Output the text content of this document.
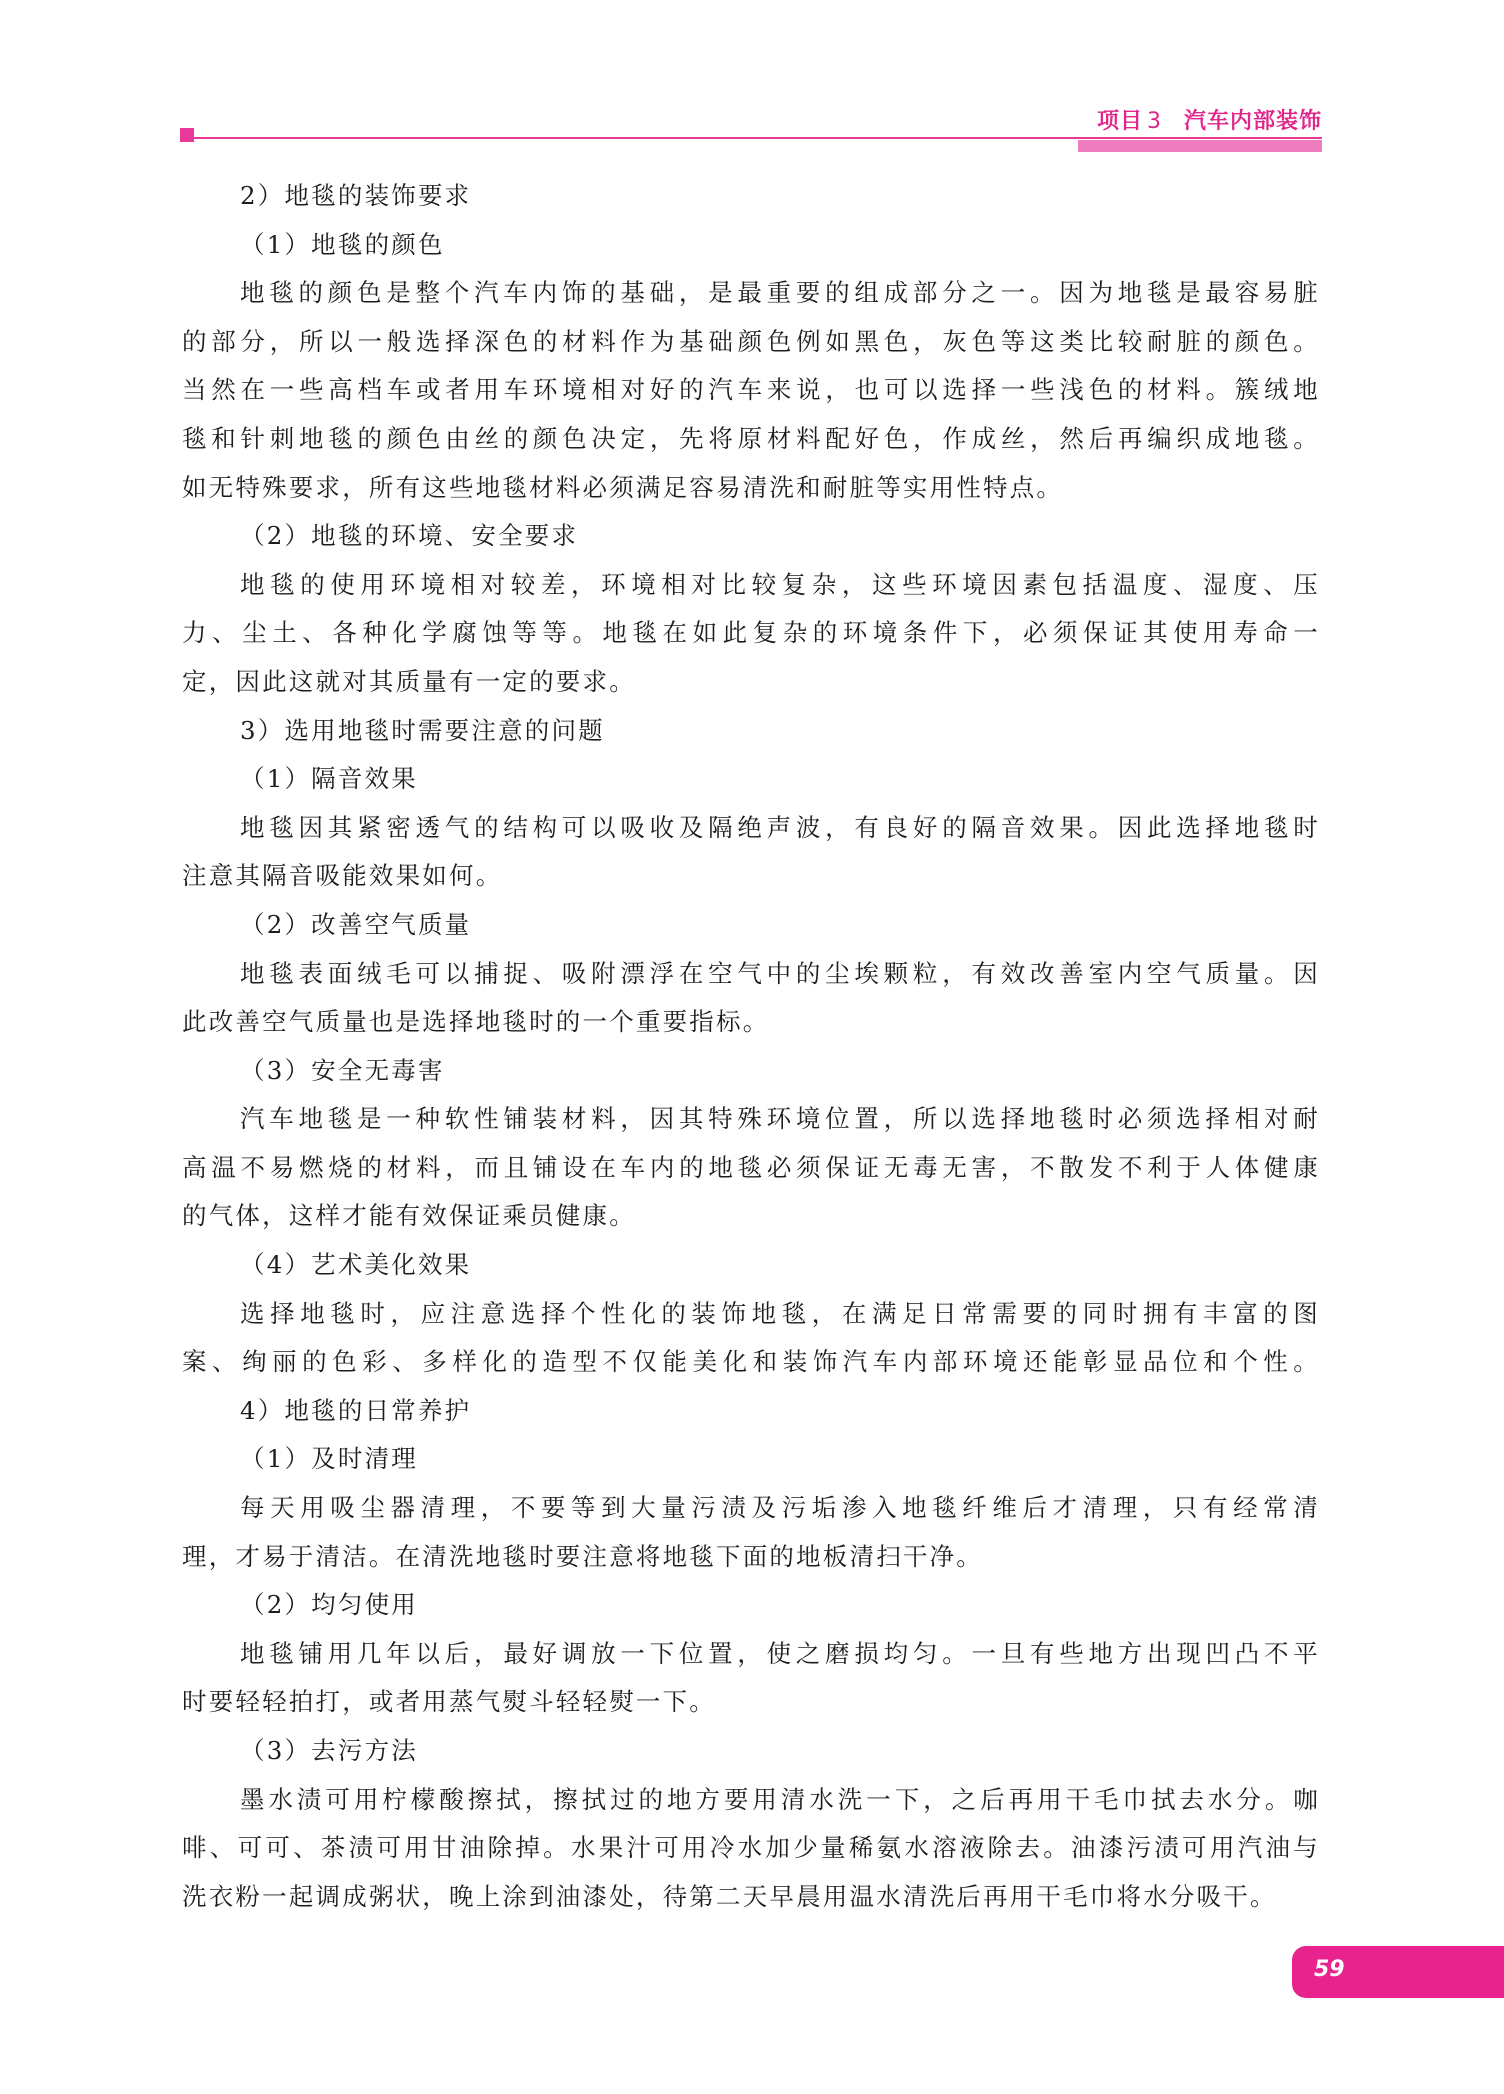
项目 3 汽车内部装饰

2）地毯的装饰要求

（1）地毯的颜色

地毯的颜色是整个汽车内饰的基础，是最重要的组成部分之一。因为地毯是最容易脏

的部分，所以一般选择深色的材料作为基础颜色例如黑色，灰色等这类比较耐脏的颜色。

当然在一些高档车或者用车环境相对好的汽车来说，也可以选择一些浅色的材料。簇绒地

毯和针刺地毯的颜色由丝的颜色决定，先将原材料配好色，作成丝，然后再编织成地毯。

如无特殊要求，所有这些地毯材料必须满足容易清洗和耐脏等实用性特点。

（2）地毯的环境、安全要求

地毯的使用环境相对较差，环境相对比较复杂，这些环境因素包括温度、湿度、压

力、尘土、各种化学腐蚀等等。地毯在如此复杂的环境条件下，必须保证其使用寿命一

定，因此这就对其质量有一定的要求。

3）选用地毯时需要注意的问题

（1）隔音效果

地毯因其紧密透气的结构可以吸收及隔绝声波，有良好的隔音效果。因此选择地毯时

注意其隔音吸能效果如何。

（2）改善空气质量

地毯表面绒毛可以捕捉、吸附漂浮在空气中的尘埃颗粒，有效改善室内空气质量。因

此改善空气质量也是选择地毯时的一个重要指标。

（3）安全无毒害

汽车地毯是一种软性铺装材料，因其特殊环境位置，所以选择地毯时必须选择相对耐

高温不易燃烧的材料，而且铺设在车内的地毯必须保证无毒无害，不散发不利于人体健康

的气体，这样才能有效保证乘员健康。

（4）艺术美化效果

选择地毯时，应注意选择个性化的装饰地毯，在满足日常需要的同时拥有丰富的图

案、绚丽的色彩、多样化的造型不仅能美化和装饰汽车内部环境还能彰显品位和个性。

4）地毯的日常养护

（1）及时清理

每天用吸尘器清理，不要等到大量污渍及污垢渗入地毯纤维后才清理，只有经常清

理，才易于清洁。在清洗地毯时要注意将地毯下面的地板清扫干净。

（2）均匀使用

地毯铺用几年以后，最好调放一下位置，使之磨损均匀。一旦有些地方出现凹凸不平

时要轻轻拍打，或者用蒸气熨斗轻轻熨一下。

（3）去污方法

墨水渍可用柠檬酸擦拭，擦拭过的地方要用清水洗一下，之后再用干毛巾拭去水分。咖

啡、可可、茶渍可用甘油除掉。水果汁可用冷水加少量稀氨水溶液除去。油漆污渍可用汽油与

洗衣粉一起调成粥状，晚上涂到油漆处，待第二天早晨用温水清洗后再用干毛巾将水分吸干。

59
